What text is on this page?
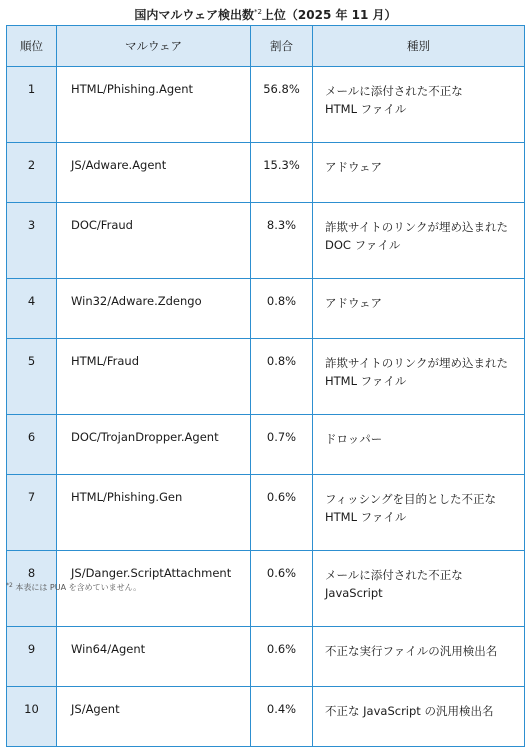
国内マルウェア検出数$^{*2}$上位（2025 年 11 月）
順位	マルウェア	割合	種別
1	HTML/Phishing.Agent	56.8%	メールに添付された不正な
HTML ファイル

2	JS/Adware.Agent	15.3%	アドウェア

3	DOC/Fraud	8.3%	詐欺サイトのリンクが埋め込まれた
DOC ファイル

4	Win32/Adware.Zdengo	0.8%	アドウェア

5	HTML/Fraud	0.8%	詐欺サイトのリンクが埋め込まれた
HTML ファイル

6	DOC/TrojanDropper.Agent	0.7%	ドロッパー

7	HTML/Phishing.Gen	0.6%	フィッシングを目的とした不正な
HTML ファイル

8	JS/Danger.ScriptAttachment	0.6%	メールに添付された不正な JavaScript

9	Win64/Agent	0.6%	不正な実行ファイルの汎用検出名

10	JS/Agent	0.4%	不正な JavaScript の汎用検出名
$^{*2}$ 本表には PUA を含めていません。
